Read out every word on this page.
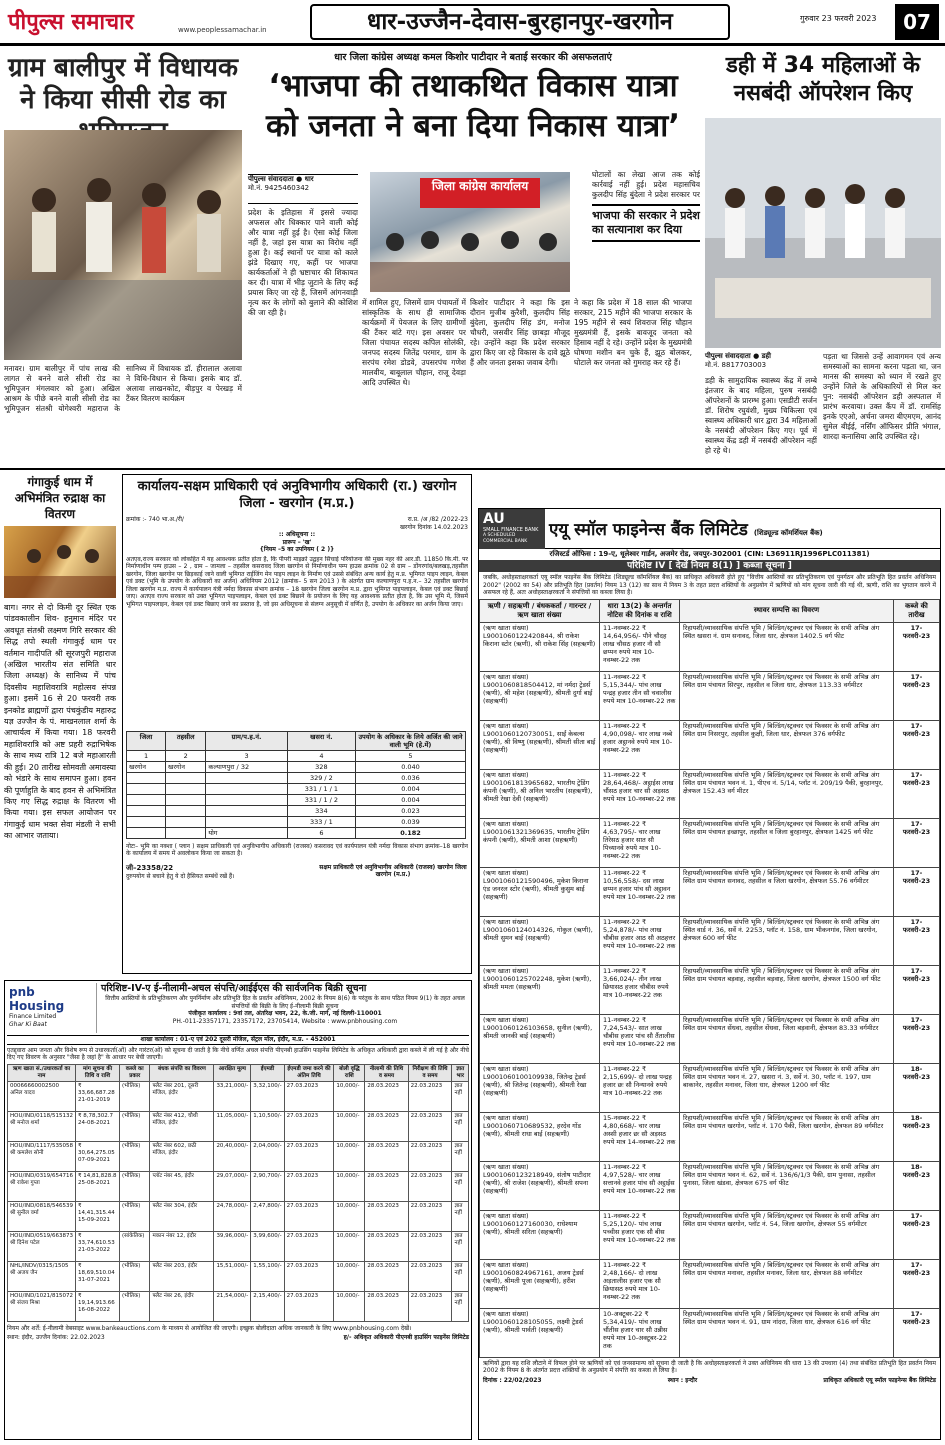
पीपुल्स समाचार	www.peoplessamachar.in	धार-उज्जैन-देवास-बुरहानपुर-खरगोन	गुरुवार 23 फरवरी 2023	07
ग्राम बालीपुर में विधायक ने किया सीसी रोड का
मनावर। ग्राम बालीपुर में पांच लाख की लागत से बनने वाले सीसी रोड का भूमिपूजन मंगलवार को हुआ। अखिल आश्रम के पीछे बनने वाली सीसी रोड का भूमिपूजन संतश्री योगेश्वरी महाराज के सानिध्य में विधायक डॉ. हीरालाल अलावा ने विधि-विधान से किया। इसके बाद डॉ. अलावा लाखनकोट, बीड़पुर व पेरखड़ में टैंकर वितरण कार्यक्रम
धार जिला कांग्रेस अध्यक्ष कमल किशोर पाटीदार ने बताई सरकार की असफलताएं
‘भाजपा की तथाकथित विकास यात्रा को जनता ने बना दिया निकास यात्रा’
पीपुल्स संवाददाता ● धार
मो.नं. 9425460342	जिला कांग्रेस कार्यालय
प्रदेश के इतिहास में इससे ज्यादा अफसल और धिक्कार पाने वाली कोई और यात्रा नहीं हुई है। ऐसा कोई जिला नहीं है, जहां इस यात्रा का विरोध नहीं हुआ है। कई स्थानों पर यात्रा को काले झंडे दिखाए गए, कहीं पर भाजपा कार्यकर्ताओं ने ही भ्रष्टाचार की शिकायत कर दी। यात्रा में भीड़ जुटाने के लिए कई प्रयास किए जा रहे हैं, जिसमें आंगनवाड़ी नृत्य कर के लोगों को बुलाने की कोशिश की जा रही है।
में शामिल हुए, जिसमें ग्राम पंचायतों में सांस्कृतिक के साथ ही सामाजिक कार्यक्रमों में पेयजल के लिए ग्रामीणों की टैंकर बांटे गए। इस अवसर पर जिला पंचायत सदस्य कपिल सोलंकी, जनपद सदस्य जितेंद्र परमार, ग्राम के सरपंच रमेश डोडवे, उपसरपंच गणेश मालवीय, बाबूलाल चौहान, राजू देवड़ा आदि उपस्थित थे।
किशोर पाटीदार ने कहा कि इस दौरान मुजीब कुरैशी, कुलदीप सिंह बुंदेला, कुलदीप सिंह डंग, मनोज चौधरी, जसवीर सिंह छाबड़ा मौजूद रहे। उन्होंने कहा कि प्रदेश सरकार द्वारा किए जा रहे विकास के दावे झूठे हैं और जनता इसका जवाब देगी।
ने कहा कि प्रदेश में 18 साल की भाजपा सरकार, 215 महीने की भाजपा सरकार के 195 महीने से स्वयं शिवराज सिंह चौहान मुख्यमंत्री हैं, इसके बावजूद जनता को हिसाब नहीं दे रहे। उन्होंने प्रदेश के मुख्यमंत्री घोषणा मशीन बन चुके हैं, झूठ बोलकर, घोटाले कर जनता को गुमराह कर रहे हैं।
घोटालों का लेखा आज तक कोई कार्रवाई नहीं हुई। प्रदेश महासचिव कुलदीप सिंह बुंदेला ने प्रदेश सरकार पर
भाजपा की सरकार ने प्रदेश का सत्यानाश कर दिया
डही में 34 महिलाओं के नसबंदी ऑपरेशन किए
पीपुल्स संवाददाता ● डही
मो.नं. 8817703003
डही के सामुदायिक स्वास्थ्य केंद्र में लम्बे इंतजार के बाद महिला, पुरुष नसबंदी ऑपरेशनों के प्रारम्भ हुआ। एसडीटी सर्जन डॉ. शिरोष रघुवंशी, मुख्य चिकित्सा एवं स्वास्थ्य अधिकारी धार द्वारा 34 महिलाओं के नसबंदी ऑपरेशन किए गए। पूर्व में स्वास्थ्य केंद्र डही में नसबंदी ऑपरेशन नहीं हो रहे थे।
पड़ता था जिससे उन्हें आवागमन एवं अन्य समस्याओं का सामना करना पड़ता था, जन मानस की समस्या को ध्यान में रखते हुए उन्होंने जिले के अधिकारियों से मिल कर पुन: नसबंदी ऑपरेशन डही अस्पताल में प्रारंभ करवाया। उक्त कैंप में डॉ. रामसिंह इनके एएओ, अर्चना जमरा बीएमएम, आनंद सुमेल बीईई, नर्सिंग ऑफिसर प्रीति भंगाल, शारदा कनासिया आदि उपस्थित रहे।
गंगाकुई धाम में अभिमंत्रित रुद्राक्ष का वितरण
बाग। नगर से दो किमी दूर स्थित एक पांडवकालीन शिव- हनुमान मंदिर पर अवधूत संतश्री लक्ष्मण गिरि सरकार की सिद्ध तपो स्थली गंगाकुई धाम पर वर्तमान गादीपति श्री सूरजपुरी महाराज (अखिल भारतीय संत समिति धार जिला अध्यक्ष) के सानिध्य में पांच दिवसीय महाशिवरात्रि महोत्सव संपन्न हुआ। इसमें 16 से 20 फरवरी तक इनकोड ब्राह्मणों द्वारा पंचकुंडीय महारुद्र यज्ञ उज्जैन के पं. माखनलाल शर्मा के आचार्यत्व में किया गया। 18 फरवरी महाशिवरात्रि को अष्ट प्रहरी रुद्राभिषेक के साथ मध्य रात्रि 12 बजे महाआरती की हुई। 20 तारीख सोमवती अमावस्या को भंडारे के साथ समापन हुआ। हवन की पूर्णाहुति के बाद हवन से अभिमंत्रित किए गए सिद्ध रुद्राक्ष के वितरण भी किया गया। इस सफल आयोजन पर गंगाकुई धाम भक्त सेवा मंडली ने सभी का आभार जताया।
कार्यालय-सक्षम प्राधिकारी एवं अनुविभागीय अधिकारी (रा.) खरगोन जिला - खरगोन (म.प्र.)
क्रमांक :- 740 भा.अ./री/	रा.प्र. /अ /82 /2022-23
खरगोन दिनांक 14.02.2023
:: अधिसूचना ::
प्रारूप – 'ख'
{नियम –5 का उपनियम ( 2 )}
अतएव,राज्य सरकार को लोकहित में यह आवश्यक प्रतीत होता है, कि पीपरी माइक्रो उद्वहन सिंचाई परियोजना की मुख्य नहर की आर.डी. 11850 कि.मी. पर निर्माणाधीन पम्प हाउस – 2 , ग्राम – जामला – तहसील कसरावद जिला खरगोन से निर्माणाधीन पम्प हाउस क्रमांक 02 से ग्राम – डोंगरगांव/बलखड़,तहसील खरगोन, जिला खरगोन पर छिड़काई जाने वाली भूमिगत राईजिंग मेन पाइप लाइन के निर्माण एवं उससे संबंधित अन्य कार्य हेतु म.प्र. भूमिगत पाइप लाइन, केबल एवं डक्ट (भूमि के उपयोग के अधिकारों का अर्जन) अधिनियम 2012 (क्रमांक– 5 सन 2013 ) के अंतर्गत ग्राम कल्याणपुरा प.ह.न.– 32 तहसील खरगोन जिला खरगोन म.प्र. राज्य में कार्यपालन यंत्री नर्मदा विकास संभाग क्रमांक – 18 खरगोन जिला खरगोन म.प्र. द्वारा भूमिगत पाइपलाइन, केबल एवं डक्ट बिछाई जाए। अतएव राज्य सरकार को उक्त भूमिगत पाइपलाइन, केबल एवं डक्ट बिछाने के प्रयोजन के लिए यह आवश्यक प्रतीत होता है, कि उस भूमि में, जिसमें भूमिगत पाइपलाइन, केबल एवं डक्ट बिछाए जाने का प्रस्ताव है, जो इस अधिसूचना से संलग्न अनुसूची में वर्णित है, उपयोग के अधिकार का अर्जन किया जाए।
जिला	तहसील	ग्राम/प.ह.नं.	खसरा नं.	उपयोग के अधिकार के लिये अर्जित की जाने वाली भूमि (हे.में)
1	2	3	4	5
खरगोन	खरगोन	कल्याणपुरा / 32	328	0.040
			329 / 2	0.036
			331 / 1 / 1	0.004
			331 / 1 / 2	0.004
			334	0.023
			333 / 1	0.039
		योग	6	0.182
नोटः– भूमि का नक्शा ( प्लान ) सक्षम प्राधिकारी एवं अनुविभागीय अधिकारी (राजस्व) कसरावद एवं कार्यपालन यंत्री नर्मदा विकास संभाग क्रमांक–18 खरगोन के कार्यालय में समय में अवलोकन किया जा सकता है।
जी–23358/22
दुरुपयोग से बचाने हेतु ये दो हैसियत सम्बंधें रखें हैं।
सक्षम प्राधिकारी एवं अनुविभागीय अधिकारी (राजस्व) खरगोन जिला खरगोन (म.प्र.)
pnb Housing
Finance Limited
Ghar Ki Baat
परिशिष्ट-IV-ए ई-नीलामी-अचल संपत्ति/आईईएस की सार्वजनिक बिक्री सूचना
वित्तीय आस्तियों के प्रतिभूतिकरण और पुनर्निर्माण और प्रतिभूति हित के प्रवर्तन अधिनियम, 2002 के नियम 8(6) के परंतुक के साथ पठित नियम 9(1) के तहत अचल संपत्तियों की बिक्री के लिए ई-नीलामी बिक्री सूचना
पंजीकृत कार्यालय : 9वां तल, अंतरिक्ष भवन, 22, के.जी. मार्ग, नई दिल्ली-110001
PH.-011-23357171, 23357172, 23705414, Website : www.pnbhousing.com
शाखा कार्यालय : 01-ए एवं 202 दूसरी मंजिल, सेंट्रल मॉल, इंदौर, म.प्र. - 452001
एतद्द्वारा आम जनता और विशेष रूप से उधारकर्ता(ओं) और गारंटर(ओं) को सूचना दी जाती है कि नीचे वर्णित अचल संपत्ति पीएनबी हाउसिंग फाइनेंस लिमिटेड के अधिकृत अधिकारी द्वारा कब्जे में ली गई है और नीचे दिए गए विवरण के अनुसार "जैसा है जहां है" के आधार पर बेची जाएगी।
ऋण खाता सं./उधारकर्ता का नाम	मांग सूचना की तिथि व राशि	कब्जे का प्रकार	बंधक संपत्ति का विवरण	आरक्षित मूल्य	ईएमडी	ईएमडी जमा करने की अंतिम तिथि	बोली वृद्धि राशि	नीलामी की तिथि व समय	निरीक्षण की तिथि व समय	ज्ञात भार
00066660002500 अनिल यादव	₹ 33,66,687.28 21-01-2019	(भौतिक)	फ्लैट नंबर 201, दूसरी मंजिल, इंदौर	33,21,000/-	3,32,100/-	27.03.2023	10,000/-	28.03.2023	22.03.2023	ज्ञात नहीं
HOU/IND/0118/515132 श्री मनोज शर्मा	₹ 8,78,302.7 24-08-2021	(भौतिक)	फ्लैट नंबर 412, चौथी मंजिल, इंदौर	11,05,000/-	1,10,500/-	27.03.2023	10,000/-	28.03.2023	22.03.2023	ज्ञात नहीं
HOU/IND/1117/535058 श्री कमलेश सोनी	₹ 30,64,275.05 07-09-2021	(भौतिक)	फ्लैट नंबर 602, छठी मंजिल, इंदौर	20,40,000/-	2,04,000/-	27.03.2023	10,000/-	28.03.2023	22.03.2023	ज्ञात नहीं
HOU/IND/0319/654716 श्री राकेश गुप्ता	₹ 14,81,828.8 25-08-2021	(भौतिक)	प्लॉट नंबर 45, इंदौर	29,07,000/-	2,90,700/-	27.03.2023	10,000/-	28.03.2023	22.03.2023	ज्ञात नहीं
HOU/IND/0818/546539 श्री सुनील वर्मा	₹ 14,41,315.44 15-09-2021	(भौतिक)	फ्लैट नंबर 304, इंदौर	24,78,000/-	2,47,800/-	27.03.2023	10,000/-	28.03.2023	22.03.2023	ज्ञात नहीं
HOU/IND/0519/663873 श्री दिनेश पटेल	₹ 33,74,610.53 21-03-2022	(सांकेतिक)	मकान नंबर 12, इंदौर	39,96,000/-	3,99,600/-	27.03.2023	10,000/-	28.03.2023	22.03.2023	ज्ञात नहीं
NHL/INDV/0315/1505 श्री अजय जैन	₹ 18,69,510.04 31-07-2021	(भौतिक)	फ्लैट नंबर 203, इंदौर	15,51,000/-	1,55,100/-	27.03.2023	10,000/-	28.03.2023	22.03.2023	ज्ञात नहीं
HOU/IND/1021/815072 श्री संजय मिश्रा	₹ 19,14,913.66 16-08-2022	(भौतिक)	फ्लैट नंबर 26, इंदौर	21,54,000/-	2,15,400/-	27.03.2023	10,000/-	28.03.2023	22.03.2023	ज्ञात नहीं
नियम और शर्तें: ई-नीलामी वेबसाइट www.bankeauctions.com के माध्यम से आयोजित की जाएगी। इच्छुक बोलीदाता अधिक जानकारी के लिए www.pnbhousing.com देखें।
स्थान: इंदौर, उज्जैन दिनांक: 22.02.2023	ह/- अधिकृत अधिकारी पीएनबी हाउसिंग फाइनेंस लिमिटेड
AU
SMALL FINANCE BANK
A SCHEDULED COMMERCIAL BANK
एयू स्मॉल फाइनेन्स बैंक लिमिटेड (शिड्यूल्ड कॉमर्शियल बैंक)
रजिस्टर्ड ऑफिस : 19-ए, धूलेश्वर गार्डन, अजमेर रोड, जयपुर-302001 (CIN: L36911RJ1996PLC011381)
परिशिष्ट IV [ देखें नियम 8(1) ] कब्जा सूचना ]
जबकि, अधोहस्ताक्षरकर्ता एयू स्मॉल फाइनेंस बैंक लिमिटेड (शिड्यूल्ड कॉमर्शियल बैंक) का प्राधिकृत अधिकारी होते हुए "वित्तीय आस्तियों का प्रतिभूतिकरण एवं पुनर्गठन और प्रतिभूति हित प्रवर्तन अधिनियम 2002" (2002 का 54) और प्रतिभूति हित (प्रवर्तन) नियम 13 (12) का साथ में नियम 3 के तहत प्रदत्त शक्तियों के अनुप्रयोग में ऋणियों को मांग सूचना जारी की गई थी, ऋणी, राशि का भुगतान करने में असफल रहे हैं, अतः अधोहस्ताक्षरकर्ता ने संपत्तियों का कब्जा लिया है।
ऋणी / सहऋणी / बंधककर्ता / गारन्टर / ऋण खाता संख्या	धारा 13(2) के अन्तर्गत नोटिस की दिनांक व राशि	स्थावर सम्पत्ति का विवरण	कब्जे की तारीख
(ऋण खाता संख्या) L9001060122420844, श्री राकेश किराना स्टोर (ऋणी), श्री राकेश सिंह (सहऋणी)	11-नवम्बर-22 ₹ 14,64,956/- पौने चौदह लाख चौसठ हजार नौ सौ छप्पन रुपये मात्र 10-नवम्बर-22 तक	रिहायशी/व्यावसायिक संपत्ति भूमि / बिल्डिंग/स्ट्रक्चर एवं फिक्सर के सभी अभिन्न अंग स्थित खसरा नं. ग्राम सनावद, जिला धार, क्षेत्रफल 1402.5 वर्ग फीट	17-फरवरी-23
(ऋण खाता संख्या) L9001060818504412, मां नर्मदा ट्रेडर्स (ऋणी), श्री महेश (सहऋणी), श्रीमती दुर्गा बाई (सहऋणी)	11-नवम्बर-22 ₹ 5,15,344/- पांच लाख पन्द्रह हजार तीन सौ चवालीस रुपये मात्र 10-नवम्बर-22 तक	रिहायशी/व्यावसायिक संपत्ति भूमि / बिल्डिंग/स्ट्रक्चर एवं फिक्सर के सभी अभिन्न अंग स्थित ग्राम पंचायत सिरपुर, तहसील व जिला धार, क्षेत्रफल 113.33 वर्गमीटर	17-फरवरी-23
(ऋण खाता संख्या) L9001060120730051, साईं केबल्स (ऋणी), श्री विष्णु (सहऋणी), श्रीमती सीता बाई (सहऋणी)	11-नवम्बर-22 ₹ 4,90,098/- चार लाख नब्बे हजार अट्ठानवे रुपये मात्र 10-नवम्बर-22 तक	रिहायशी/व्यावसायिक संपत्ति भूमि / बिल्डिंग/स्ट्रक्चर एवं फिक्सर के सभी अभिन्न अंग स्थित ग्राम निसरपुर, तहसील कुक्षी, जिला धार, क्षेत्रफल 376 वर्गफीट	17-फरवरी-23
(ऋण खाता संख्या) L9001061813965682, भारतीय ट्रेडिंग कंपनी (ऋणी), श्री अनिल भारतीय (सहऋणी), श्रीमती रेखा देवी (सहऋणी)	11-नवम्बर-22 ₹ 28,64,468/- अट्ठाईस लाख चौंसठ हजार चार सौ अड़सठ रुपये मात्र 10-नवम्बर-22 तक	रिहायशी/व्यावसायिक संपत्ति भूमि / बिल्डिंग/स्ट्रक्चर एवं फिक्सर के सभी अभिन्न अंग स्थित ग्राम पंचायत भवन नं. 1, पीएच नं. 5/14, प्लॉट नं. 209/19 पैकी, बुरहानपुर, क्षेत्रफल 152.43 वर्ग मीटर	17-फरवरी-23
(ऋण खाता संख्या) L9001061321369635, भारतीय ट्रेडिंग कंपनी (ऋणी), श्रीमती आशा (सहऋणी)	11-नवम्बर-22 ₹ 4,63,795/- चार लाख तिरेसठ हजार सात सौ पिच्यानवे रुपये मात्र 10-नवम्बर-22 तक	रिहायशी/व्यावसायिक संपत्ति भूमि / बिल्डिंग/स्ट्रक्चर एवं फिक्सर के सभी अभिन्न अंग स्थित ग्राम पंचायत इच्छापुर, तहसील व जिला बुरहानपुर, क्षेत्रफल 1425 वर्ग फीट	17-फरवरी-23
(ऋण खाता संख्या) L9001060121590496, मुकेश किराना एंड जनरल स्टोर (ऋणी), श्रीमती कुसुम बाई (सहऋणी)	11-नवम्बर-22 ₹ 10,56,558/- दस लाख छप्पन हजार पांच सौ अट्ठावन रुपये मात्र 10-नवम्बर-22 तक	रिहायशी/व्यावसायिक संपत्ति भूमि / बिल्डिंग/स्ट्रक्चर एवं फिक्सर के सभी अभिन्न अंग स्थित ग्राम पंचायत सनावद, तहसील व जिला खरगोन, क्षेत्रफल 55.76 वर्गमीटर	17-फरवरी-23
(ऋण खाता संख्या) L9001060124014326, गोकुल (ऋणी), श्रीमती सुमन बाई (सहऋणी)	11-नवम्बर-22 ₹ 5,24,878/- पांच लाख चौबीस हजार आठ सौ अठहत्तर रुपये मात्र 10-नवम्बर-22 तक	रिहायशी/व्यावसायिक संपत्ति भूमि / बिल्डिंग/स्ट्रक्चर एवं फिक्सर के सभी अभिन्न अंग स्थित वार्ड नं. 36, सर्वे नं. 2253, प्लॉट नं. 158, ग्राम भीकनगांव, जिला खरगोन, क्षेत्रफल 600 वर्ग फीट	17-फरवरी-23
(ऋण खाता संख्या) L9001060125702248, मुकेश (ऋणी), श्रीमती ममता (सहऋणी)	11-नवम्बर-22 ₹ 3,66,024/- तीन लाख छियासठ हजार चौबीस रुपये मात्र 10-नवम्बर-22 तक	रिहायशी/व्यावसायिक संपत्ति भूमि / बिल्डिंग/स्ट्रक्चर एवं फिक्सर के सभी अभिन्न अंग स्थित ग्राम पंचायत बड़वाह, तहसील बड़वाह, जिला खरगोन, क्षेत्रफल 1500 वर्ग फीट	17-फरवरी-23
(ऋण खाता संख्या) L9001060126103658, सुनील (ऋणी), श्रीमती जानकी बाई (सहऋणी)	11-नवम्बर-22 ₹ 7,24,543/- सात लाख चौबीस हजार पांच सौ तैंतालीस रुपये मात्र 10-नवम्बर-22 तक	रिहायशी/व्यावसायिक संपत्ति भूमि / बिल्डिंग/स्ट्रक्चर एवं फिक्सर के सभी अभिन्न अंग स्थित ग्राम पंचायत सेंधवा, तहसील सेंधवा, जिला बड़वानी, क्षेत्रफल 83.33 वर्गमीटर	17-फरवरी-23
(ऋण खाता संख्या) L9001060100109938, जितेन्द्र ट्रेडर्स (ऋणी), श्री जितेन्द्र (सहऋणी), श्रीमती रेखा (सहऋणी)	11-नवम्बर-22 ₹ 2,15,699/- दो लाख पन्द्रह हजार छः सौ निन्यानवे रुपये मात्र 10-नवम्बर-22 तक	रिहायशी/व्यावसायिक संपत्ति भूमि / बिल्डिंग/स्ट्रक्चर एवं फिक्सर के सभी अभिन्न अंग स्थित ग्राम पंचायत भवन नं. 27, खसरा नं. 3, सर्वे नं. 30, प्लॉट नं. 197, ग्राम बाकानेर, तहसील मनावर, जिला धार, क्षेत्रफल 1200 वर्ग फीट	18-फरवरी-23
(ऋण खाता संख्या) L9001060710689532, हरदेव गोंड (ऋणी), श्रीमती राधा बाई (सहऋणी)	15-नवम्बर-22 ₹ 4,80,668/- चार लाख अस्सी हजार छः सौ अड़सठ रुपये मात्र 14-नवम्बर-22 तक	रिहायशी/व्यावसायिक संपत्ति भूमि / बिल्डिंग/स्ट्रक्चर एवं फिक्सर के सभी अभिन्न अंग स्थित ग्राम पंचायत खरगोन, प्लॉट नं. 170 पैकी, जिला खरगोन, क्षेत्रफल 89 वर्गमीटर	18-फरवरी-23
(ऋण खाता संख्या) L9001060123218949, संतोष पाटीदार (ऋणी), श्री राजेश (सहऋणी), श्रीमती सपना (सहऋणी)	11-नवम्बर-22 ₹ 4,97,528/- चार लाख सत्तानवे हजार पांच सौ अट्ठाईस रुपये मात्र 10-नवम्बर-22 तक	रिहायशी/व्यावसायिक संपत्ति भूमि / बिल्डिंग/स्ट्रक्चर एवं फिक्सर के सभी अभिन्न अंग स्थित ग्राम पंचायत भवन नं. 62, सर्वे नं. 136/6/1/3 पैकी, ग्राम पुनासा, तहसील पुनासा, जिला खंडवा, क्षेत्रफल 675 वर्ग फीट	18-फरवरी-23
(ऋण खाता संख्या) L9001060127160030, राधेश्याम (ऋणी), श्रीमती सरिता (सहऋणी)	11-नवम्बर-22 ₹ 5,25,120/- पांच लाख पच्चीस हजार एक सौ बीस रुपये मात्र 10-नवम्बर-22 तक	रिहायशी/व्यावसायिक संपत्ति भूमि / बिल्डिंग/स्ट्रक्चर एवं फिक्सर के सभी अभिन्न अंग स्थित ग्राम पंचायत खरगोन, प्लॉट नं. 54, जिला खरगोन, क्षेत्रफल 55 वर्गमीटर	17-फरवरी-23
(ऋण खाता संख्या) L9001060824967161, अजय ट्रेडर्स (ऋणी), श्रीमती पूजा (सहऋणी), हरीश (सहऋणी)	11-नवम्बर-22 ₹ 2,48,166/- दो लाख अड़तालीस हजार एक सौ छियासठ रुपये मात्र 10-नवम्बर-22 तक	रिहायशी/व्यावसायिक संपत्ति भूमि / बिल्डिंग/स्ट्रक्चर एवं फिक्सर के सभी अभिन्न अंग स्थित ग्राम पंचायत मनावर, तहसील मनावर, जिला धार, क्षेत्रफल 88 वर्गमीटर	17-फरवरी-23
(ऋण खाता संख्या) L9001060128105055, लक्ष्मी ट्रेडर्स (ऋणी), श्रीमती पार्वती (सहऋणी)	10-अक्टूबर-22 ₹ 5,34,419/- पांच लाख चौंतीस हजार चार सौ उन्नीस रुपये मात्र 10-अक्टूबर-22 तक	रिहायशी/व्यावसायिक संपत्ति भूमि / बिल्डिंग/स्ट्रक्चर एवं फिक्सर के सभी अभिन्न अंग स्थित ग्राम पंचायत भवन नं. 91, ग्राम नांदरा, जिला धार, क्षेत्रफल 616 वर्ग फीट	17-फरवरी-23
ऋणियों द्वारा यह राशि लौटाने में विफल होने पर ऋणियों को एवं जनसामान्य को सूचना दी जाती है कि अधोहस्ताक्षरकर्ता ने उक्त अधिनियम की धारा 13 की उपधारा (4) तथा संबंधित प्रतिभूति हित प्रवर्तन नियम 2002 के नियम 8 के अंतर्गत प्रदत्त शक्तियों के अनुप्रयोग में संपत्ति का कब्जा ले लिया है।
दिनांक : 22/02/2023	स्थान : इन्दौर	प्राधिकृत अधिकारी एयू स्मॉल फाइनेन्स बैंक लिमिटेड
